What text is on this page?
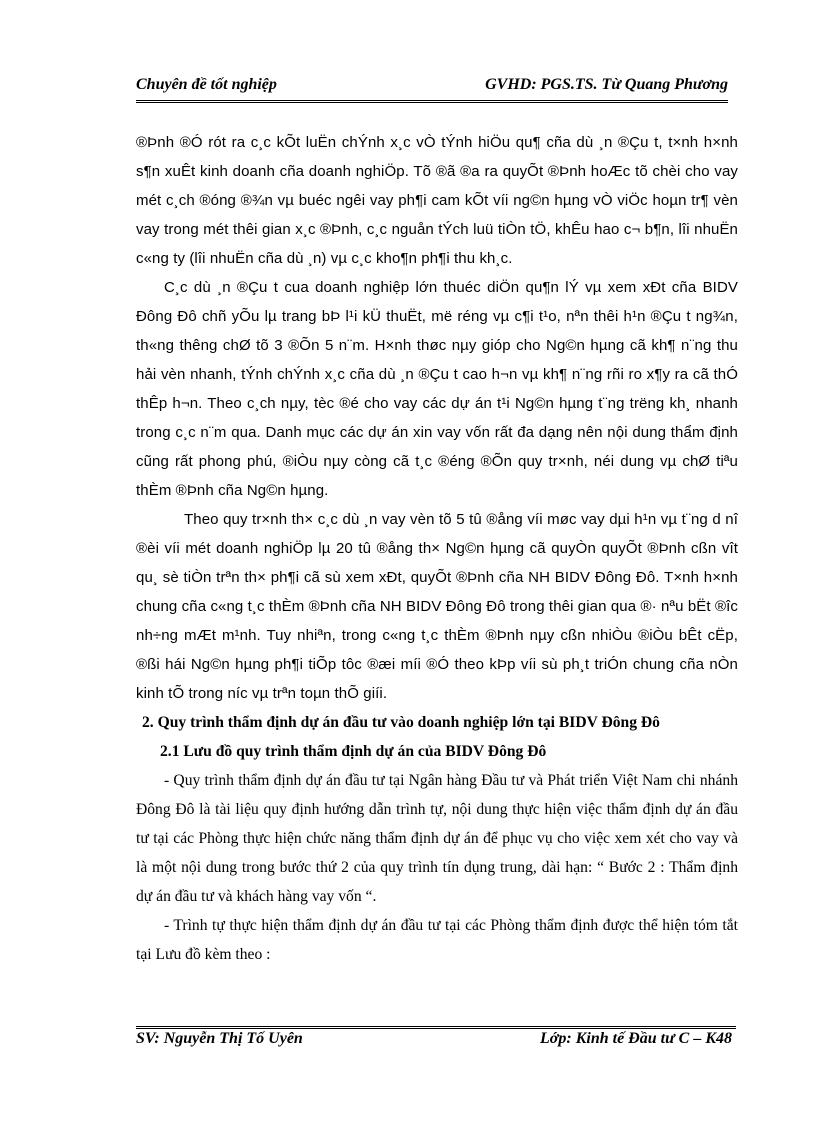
Chuyên đề tốt nghiệp	GVHD: PGS.TS. Từ Quang Phương

®Þnh ®Ó rót ra c¸c kÕt luËn chÝnh x¸c vÒ tÝnh hiÖu qu¶ cña dù ¸n ®Çu t, t×nh h×nh s¶n xuÊt kinh doanh cña doanh nghiÖp. Tõ ®ã ®a ra quyÕt ®Þnh hoÆc tõ chèi cho vay mét c¸ch ®óng ®¾n vµ buéc ngêi vay ph¶i cam kÕt víi ng©n hµng vÒ viÖc hoµn tr¶ vèn vay trong mét thêi gian x¸c ®Þnh, c¸c nguån tÝch luü tiÒn tÖ, khÊu hao c¬ b¶n, lîi nhuËn c«ng ty (lîi nhuËn cña dù ¸n) vµ c¸c kho¶n ph¶i thu kh¸c.

C¸c dù ¸n ®Çu t cua doanh nghiệp lớn thuéc diÖn qu¶n lÝ vµ xem xÐt cña BIDV Đông Đô chñ yÕu lµ trang bÞ l¹i kÜ thuËt, më réng vµ c¶i t¹o, nªn thêi h¹n ®Çu t ng¾n, th«ng thêng chØ tõ 3 ®Õn 5 n¨m. H×nh thøc nµy gióp cho Ng©n hµng cã kh¶ n¨ng thu hải vèn nhanh, tÝnh chÝnh x¸c cña dù ¸n ®Çu t cao h¬n vµ kh¶ n¨ng rñi ro x¶y ra cã thÓ thÊp h¬n. Theo c¸ch nµy, tèc ®é cho vay các dự án t¹i Ng©n hµng t¨ng trëng kh¸ nhanh trong c¸c n¨m qua. Danh mục các dự án xin vay vốn rất đa dạng nên nội dung thẩm định cũng rất phong phú, ®iÒu nµy còng cã t¸c ®éng ®Õn quy tr×nh, néi dung vµ chØ tiªu thÈm ®Þnh cña Ng©n hµng.

Theo quy tr×nh th× c¸c dù ¸n vay vèn tõ 5 tû ®ång víi møc vay dµi h¹n vµ t¨ng d nî ®èi víi mét doanh nghiÖp lµ 20 tû ®ång th× Ng©n hµng cã quyÒn quyÕt ®Þnh cßn vît qu¸ sè tiÒn trªn th× ph¶i cã sù xem xÐt, quyÕt ®Þnh cña NH BIDV Đông Đô. T×nh h×nh chung cña c«ng t¸c thÈm ®Þnh cña NH BIDV Đông Đô trong thêi gian qua ®· nªu bËt ®îc nh÷ng mÆt m¹nh. Tuy nhiªn, trong c«ng t¸c thÈm ®Þnh nµy cßn nhiÒu ®iÒu bÊt cËp, ®ßi hái Ng©n hµng ph¶i tiÕp tôc ®æi míi ®Ó theo kÞp víi sù ph¸t triÓn chung cña nÒn kinh tÕ trong níc vµ trªn toµn thÕ giíi.

2. Quy trình thẩm định dự án đầu tư vào doanh nghiệp lớn tại BIDV Đông Đô

2.1 Lưu đồ quy trình thẩm định dự án của BIDV Đông Đô

- Quy trình thẩm định dự án đầu tư tại Ngân hàng Đầu tư và Phát triển Việt Nam chi nhánh Đông Đô là tài liệu quy định hướng dẫn trình tự, nội dung thực hiện việc thẩm định dự án đầu tư tại các Phòng thực hiện chức năng thẩm định dự án để phục vụ cho việc xem xét cho vay và là một nội dung trong bước thứ 2 của quy trình tín dụng trung, dài hạn: “ Bước 2 : Thẩm định dự án đầu tư và khách hàng vay vốn “.

- Trình tự thực hiện thẩm định dự án đầu tư tại các Phòng thẩm định được thể hiện tóm tắt tại Lưu đồ kèm theo :

SV: Nguyễn Thị Tố Uyên	Lớp: Kinh tế Đầu tư C – K48
